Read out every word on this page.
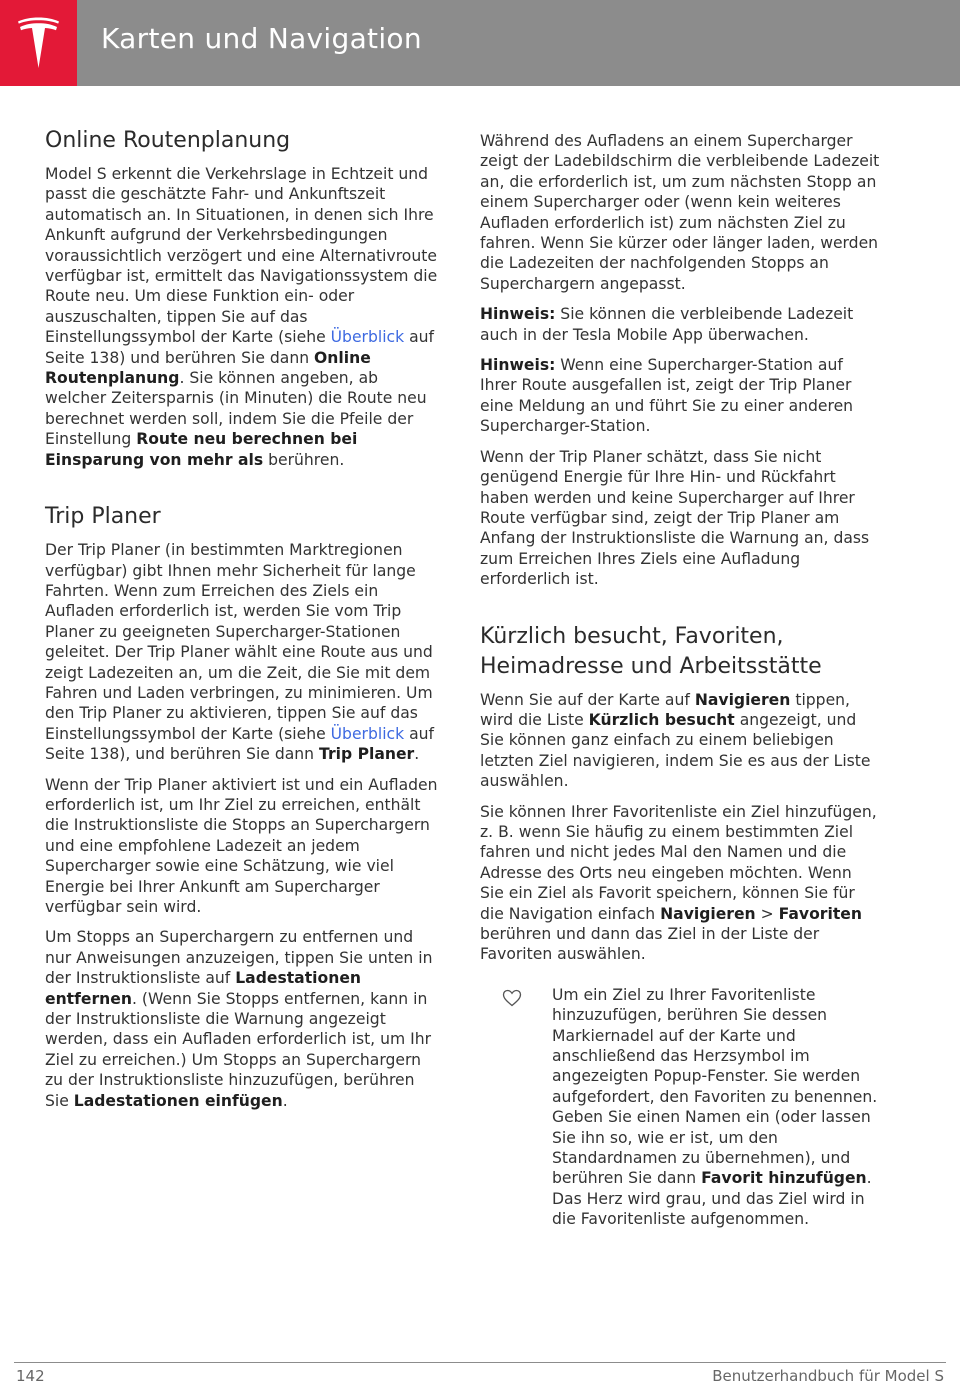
Karten und Navigation
Online Routenplanung

Model S erkennt die Verkehrslage in Echtzeit und passt die geschätzte Fahr- und Ankunftszeit automatisch an. In Situationen, in denen sich Ihre Ankunft aufgrund der Verkehrsbedingungen voraussichtlich verzögert und eine Alternativroute verfügbar ist, ermittelt das Navigationssystem die Route neu. Um diese Funktion ein- oder auszuschalten, tippen Sie auf das Einstellungssymbol der Karte (siehe Überblick auf Seite 138) und berühren Sie dann Online Routenplanung. Sie können angeben, ab welcher Zeitersparnis (in Minuten) die Route neu berechnet werden soll, indem Sie die Pfeile der Einstellung Route neu berechnen bei Einsparung von mehr als berühren.

Trip Planer

Der Trip Planer (in bestimmten Marktregionen verfügbar) gibt Ihnen mehr Sicherheit für lange Fahrten. Wenn zum Erreichen des Ziels ein Aufladen erforderlich ist, werden Sie vom Trip Planer zu geeigneten Supercharger-Stationen geleitet. Der Trip Planer wählt eine Route aus und zeigt Ladezeiten an, um die Zeit, die Sie mit dem Fahren und Laden verbringen, zu minimieren. Um den Trip Planer zu aktivieren, tippen Sie auf das Einstellungssymbol der Karte (siehe Überblick auf Seite 138), und berühren Sie dann Trip Planer.

Wenn der Trip Planer aktiviert ist und ein Aufladen erforderlich ist, um Ihr Ziel zu erreichen, enthält die Instruktionsliste die Stopps an Superchargern und eine empfohlene Ladezeit an jedem Supercharger sowie eine Schätzung, wie viel Energie bei Ihrer Ankunft am Supercharger verfügbar sein wird.

Um Stopps an Superchargern zu entfernen und nur Anweisungen anzuzeigen, tippen Sie unten in der Instruktionsliste auf Ladestationen entfernen. (Wenn Sie Stopps entfernen, kann in der Instruktionsliste die Warnung angezeigt werden, dass ein Aufladen erforderlich ist, um Ihr Ziel zu erreichen.) Um Stopps an Superchargern zu der Instruktionsliste hinzuzufügen, berühren Sie Ladestationen einfügen.

Während des Aufladens an einem Supercharger zeigt der Ladebildschirm die verbleibende Ladezeit an, die erforderlich ist, um zum nächsten Stopp an einem Supercharger oder (wenn kein weiteres Aufladen erforderlich ist) zum nächsten Ziel zu fahren. Wenn Sie kürzer oder länger laden, werden die Ladezeiten der nachfolgenden Stopps an Superchargern angepasst.

Hinweis: Sie können die verbleibende Ladezeit auch in der Tesla Mobile App überwachen.

Hinweis: Wenn eine Supercharger-Station auf Ihrer Route ausgefallen ist, zeigt der Trip Planer eine Meldung an und führt Sie zu einer anderen Supercharger-Station.

Wenn der Trip Planer schätzt, dass Sie nicht genügend Energie für Ihre Hin- und Rückfahrt haben werden und keine Supercharger auf Ihrer Route verfügbar sind, zeigt der Trip Planer am Anfang der Instruktionsliste die Warnung an, dass zum Erreichen Ihres Ziels eine Aufladung erforderlich ist.

Kürzlich besucht, Favoriten,
Heimadresse und Arbeitsstätte

Wenn Sie auf der Karte auf Navigieren tippen, wird die Liste Kürzlich besucht angezeigt, und Sie können ganz einfach zu einem beliebigen letzten Ziel navigieren, indem Sie es aus der Liste auswählen.

Sie können Ihrer Favoritenliste ein Ziel hinzufügen, z. B. wenn Sie häufig zu einem bestimmten Ziel fahren und nicht jedes Mal den Namen und die Adresse des Orts neu eingeben möchten. Wenn Sie ein Ziel als Favorit speichern, können Sie für die Navigation einfach Navigieren > Favoriten berühren und dann das Ziel in der Liste der Favoriten auswählen.

Um ein Ziel zu Ihrer Favoritenliste hinzuzufügen, berühren Sie dessen Markiernadel auf der Karte und anschließend das Herzsymbol im angezeigten Popup-Fenster. Sie werden aufgefordert, den Favoriten zu benennen. Geben Sie einen Namen ein (oder lassen Sie ihn so, wie er ist, um den Standardnamen zu übernehmen), und berühren Sie dann Favorit hinzufügen. Das Herz wird grau, und das Ziel wird in die Favoritenliste aufgenommen.

142	Benutzerhandbuch für Model S
